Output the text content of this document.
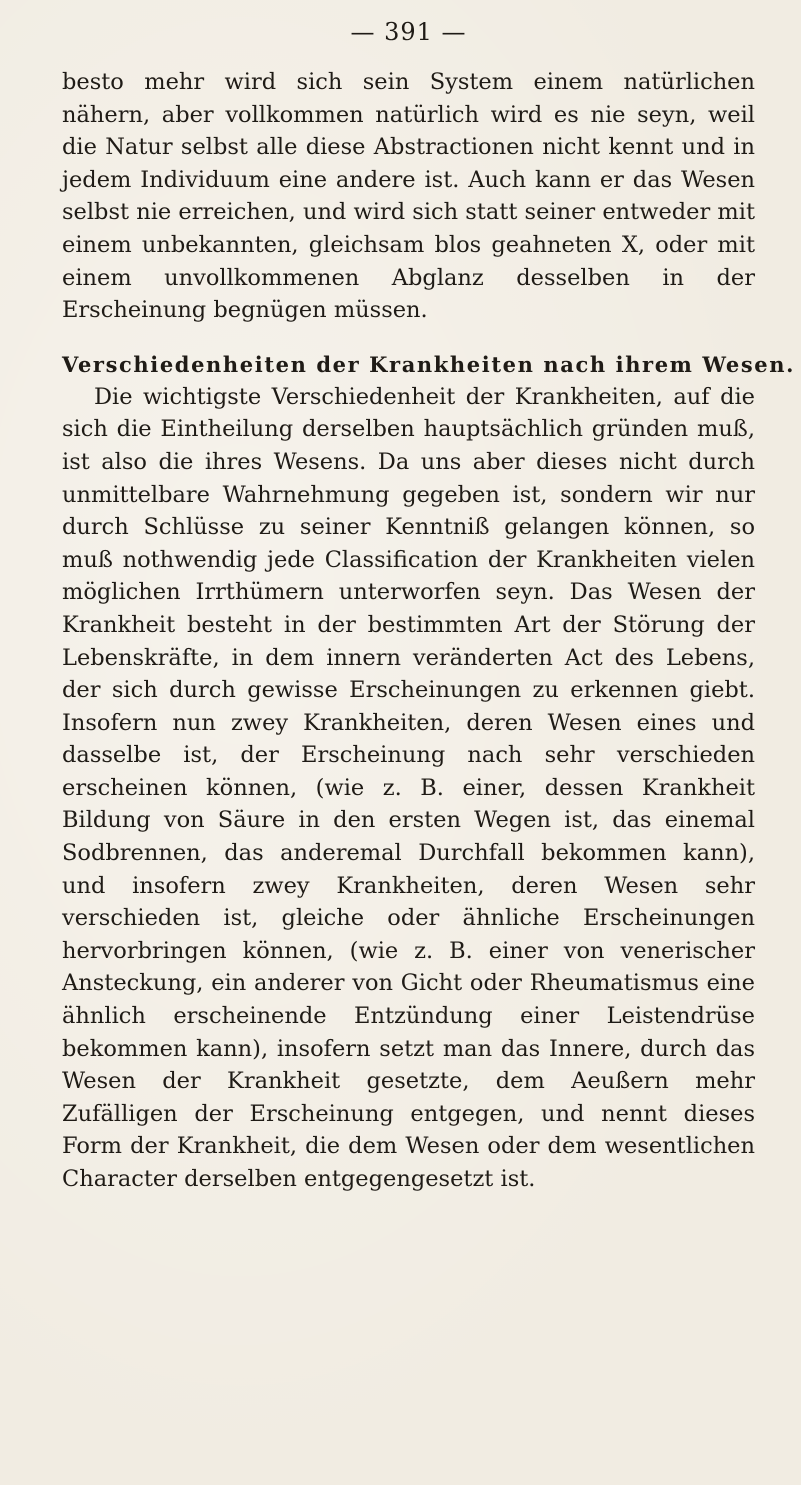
— 391 —

besto mehr wird sich sein System einem natürlichen nähern, aber vollkommen natürlich wird es nie seyn, weil die Natur selbst alle diese Abstractionen nicht kennt und in jedem Individuum eine andere ist. Auch kann er das Wesen selbst nie erreichen, und wird sich statt seiner entweder mit einem unbekannten, gleichsam blos geahneten X, oder mit einem unvollkommenen Abglanz desselben in der Erscheinung begnügen müssen.

Verschiedenheiten der Krankheiten nach ihrem Wesen.

Die wichtigste Verschiedenheit der Krankheiten, auf die sich die Eintheilung derselben hauptsächlich gründen muß, ist also die ihres Wesens. Da uns aber dieses nicht durch unmittelbare Wahrnehmung gegeben ist, sondern wir nur durch Schlüsse zu seiner Kenntniß gelangen können, so muß nothwendig jede Classification der Krankheiten vielen möglichen Irrthümern unterworfen seyn. Das Wesen der Krankheit besteht in der bestimmten Art der Störung der Lebenskräfte, in dem innern veränderten Act des Lebens, der sich durch gewisse Erscheinungen zu erkennen giebt. Insofern nun zwey Krankheiten, deren Wesen eines und dasselbe ist, der Erscheinung nach sehr verschieden erscheinen können, (wie z. B. einer, dessen Krankheit Bildung von Säure in den ersten Wegen ist, das einemal Sodbrennen, das anderemal Durchfall bekommen kann), und insofern zwey Krankheiten, deren Wesen sehr verschieden ist, gleiche oder ähnliche Erscheinungen hervorbringen können, (wie z. B. einer von venerischer Ansteckung, ein anderer von Gicht oder Rheumatismus eine ähnlich erscheinende Entzündung einer Leistendrüse bekommen kann), insofern setzt man das Innere, durch das Wesen der Krankheit gesetzte, dem Aeußern mehr Zufälligen der Erscheinung entgegen, und nennt dieses Form der Krankheit, die dem Wesen oder dem wesentlichen Character derselben entgegengesetzt ist.
